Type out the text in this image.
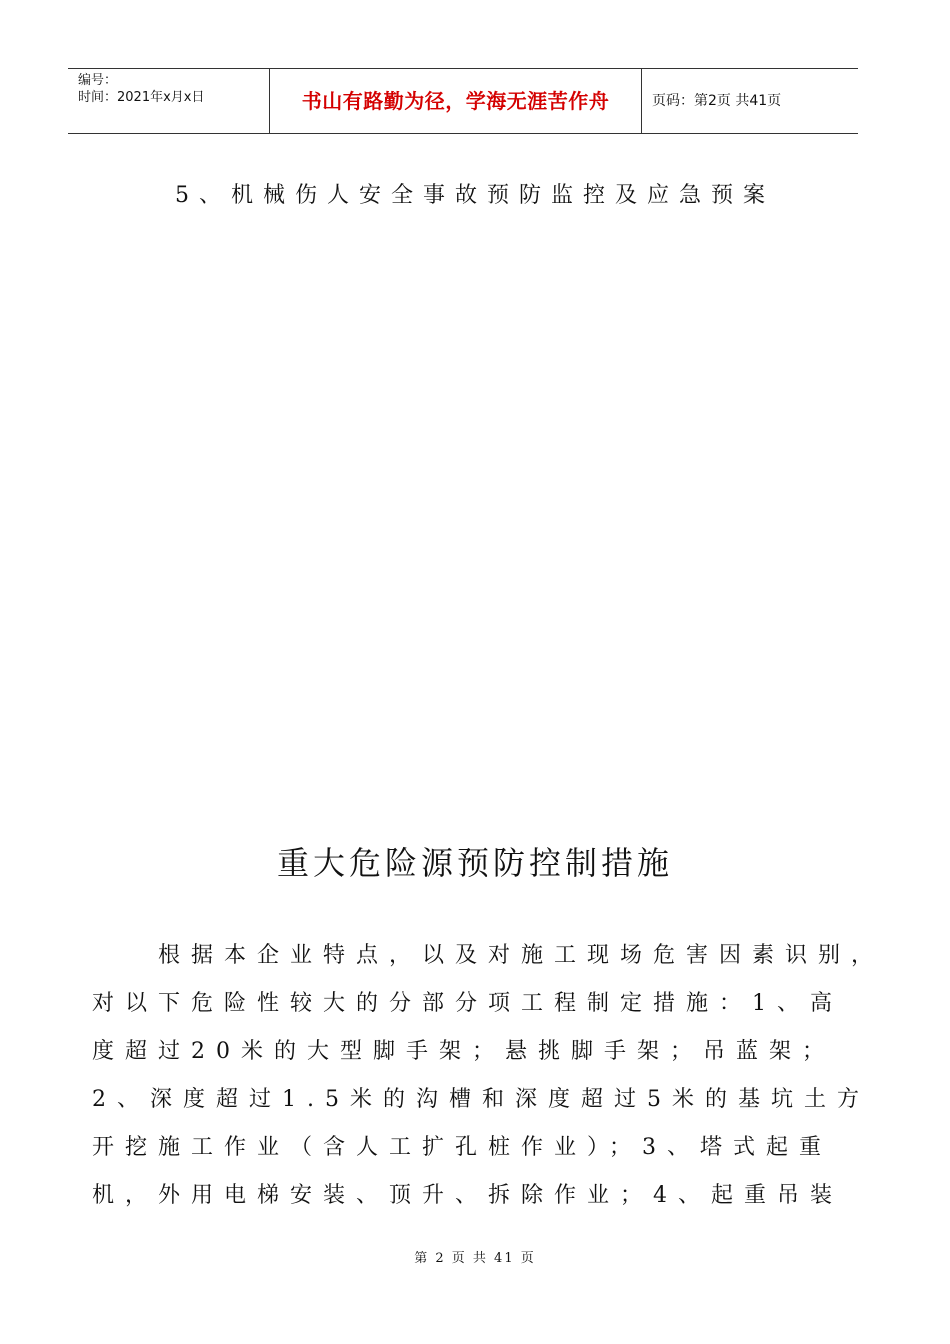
编号：
时间：2021年x月x日	书山有路勤为径，学海无涯苦作舟	页码：第2页 共41页
5、机械伤人安全事故预防监控及应急预案
重大危险源预防控制措施
根据本企业特点，以及对施工现场危害因素识别，
对以下危险性较大的分部分项工程制定措施：1、高
度超过20米的大型脚手架；悬挑脚手架；吊蓝架；
2、深度超过1.5米的沟槽和深度超过5米的基坑土方
开挖施工作业（含人工扩孔桩作业）；3、塔式起重
机，外用电梯安装、顶升、拆除作业；4、起重吊装
第 2 页 共 41 页
